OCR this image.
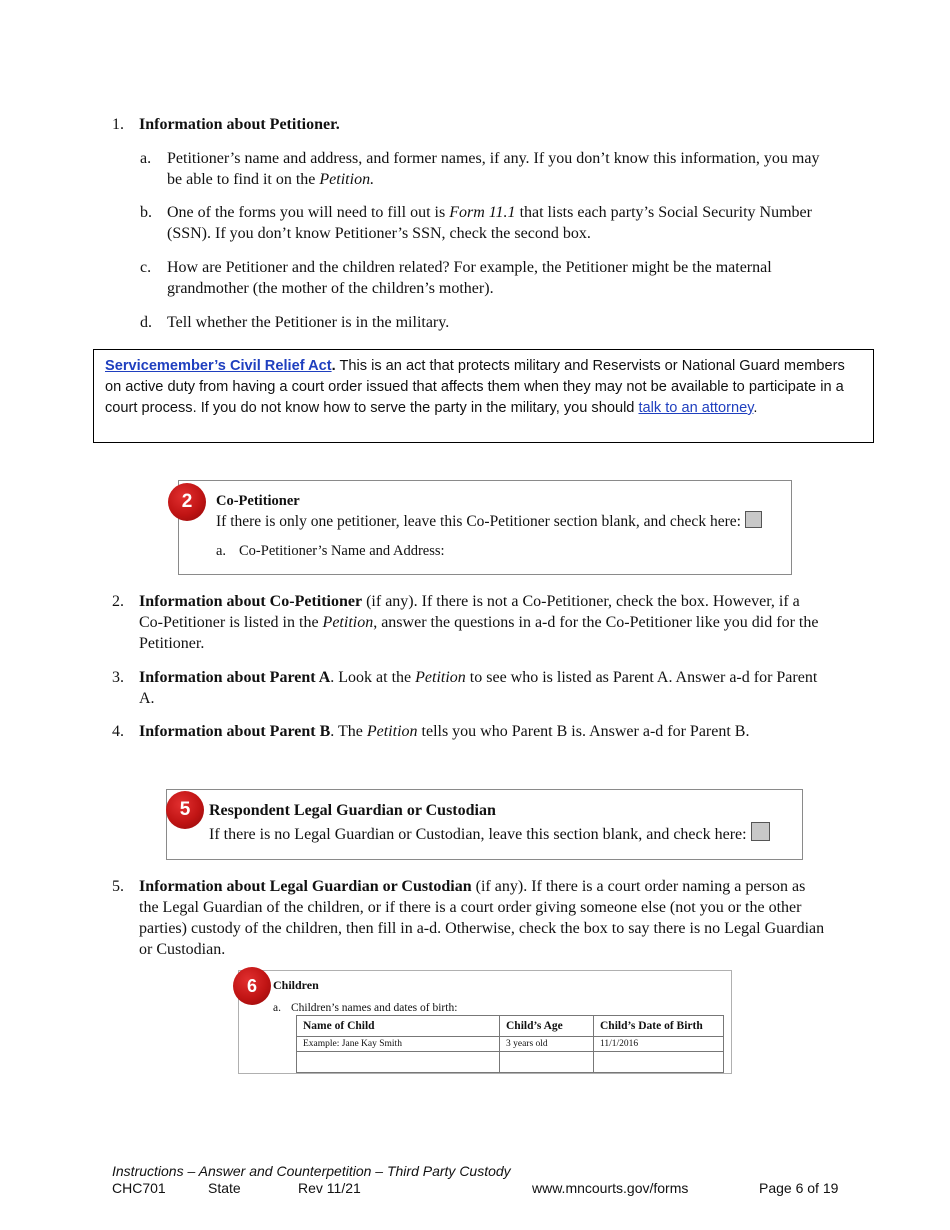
1. Information about Petitioner.
a. Petitioner’s name and address, and former names, if any. If you don’t know this information, you may
be able to find it on the Petition.
b. One of the forms you will need to fill out is Form 11.1 that lists each party’s Social Security Number
(SSN). If you don’t know Petitioner’s SSN, check the second box.
c. How are Petitioner and the children related? For example, the Petitioner might be the maternal
grandmother (the mother of the children’s mother).
d. Tell whether the Petitioner is in the military.
Servicemember’s Civil Relief Act. This is an act that protects military and Reservists or National Guard members on active duty from having a court order issued that affects them when they may not be available to participate in a court process. If you do not know how to serve the party in the military, you should talk to an attorney.
2	Co-Petitioner
If there is only one petitioner, leave this Co-Petitioner section blank, and check here:
a. Co-Petitioner’s Name and Address:
2. Information about Co-Petitioner (if any). If there is not a Co-Petitioner, check the box. However, if a
Co-Petitioner is listed in the Petition, answer the questions in a-d for the Co-Petitioner like you did for the
Petitioner.
3. Information about Parent A. Look at the Petition to see who is listed as Parent A. Answer a-d for Parent
A.
4. Information about Parent B. The Petition tells you who Parent B is. Answer a-d for Parent B.
5	Respondent Legal Guardian or Custodian
If there is no Legal Guardian or Custodian, leave this section blank, and check here:
5. Information about Legal Guardian or Custodian (if any). If there is a court order naming a person as
the Legal Guardian of the children, or if there is a court order giving someone else (not you or the other
parties) custody of the children, then fill in a-d. Otherwise, check the box to say there is no Legal Guardian
or Custodian.
6	Children
a. Children’s names and dates of birth:
Name of Child	Child’s Age	Child’s Date of Birth
Example: Jane Kay Smith	3 years old	11/1/2016

Instructions – Answer and Counterpetition – Third Party Custody
CHC701	State	Rev 11/21	www.mncourts.gov/forms	Page 6 of 19
